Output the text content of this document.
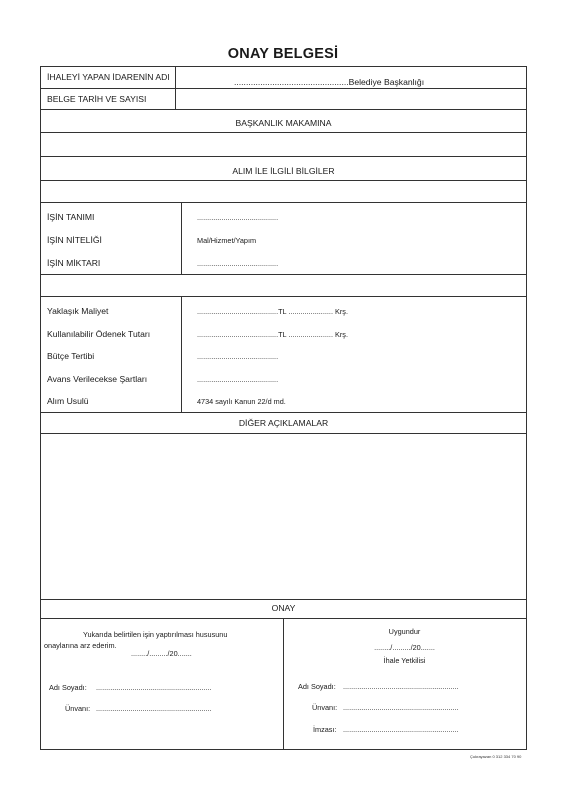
ONAY BELGESİ
İHALEYİ YAPAN İDARENİN ADI	................................................Belediye Başkanlığı
BELGE TARİH VE SAYISI
BAŞKANLIK MAKAMINA
ALIM İLE İLGİLİ BİLGİLER
İŞİN TANIMI	........................................
İŞİN NİTELİĞİ	Mal/Hizmet/Yapım
İŞİN MİKTARI	........................................
Yaklaşık Maliyet	........................................TL ...................... Krş.
Kullanılabilir Ödenek Tutarı	........................................TL ...................... Krş.
Bütçe Tertibi	........................................
Avans Verilecekse Şartları	........................................
Alım Usulü	4734 sayılı Kanun 22/d md.
DİĞER AÇIKLAMALAR
ONAY
Yukarıda belirtilen işin yaptırılması hususunu
onaylarına arz ederim.
......../........./20.......
Adı Soyadı: .........................................................
Ünvanı: .........................................................
Uygundur
......../........./20.......
İhale Yetkilisi
Adı Soyadı: .........................................................
Ünvanı: .........................................................
İmzası: .........................................................
Çukrayazan 0 312 334 70 90
